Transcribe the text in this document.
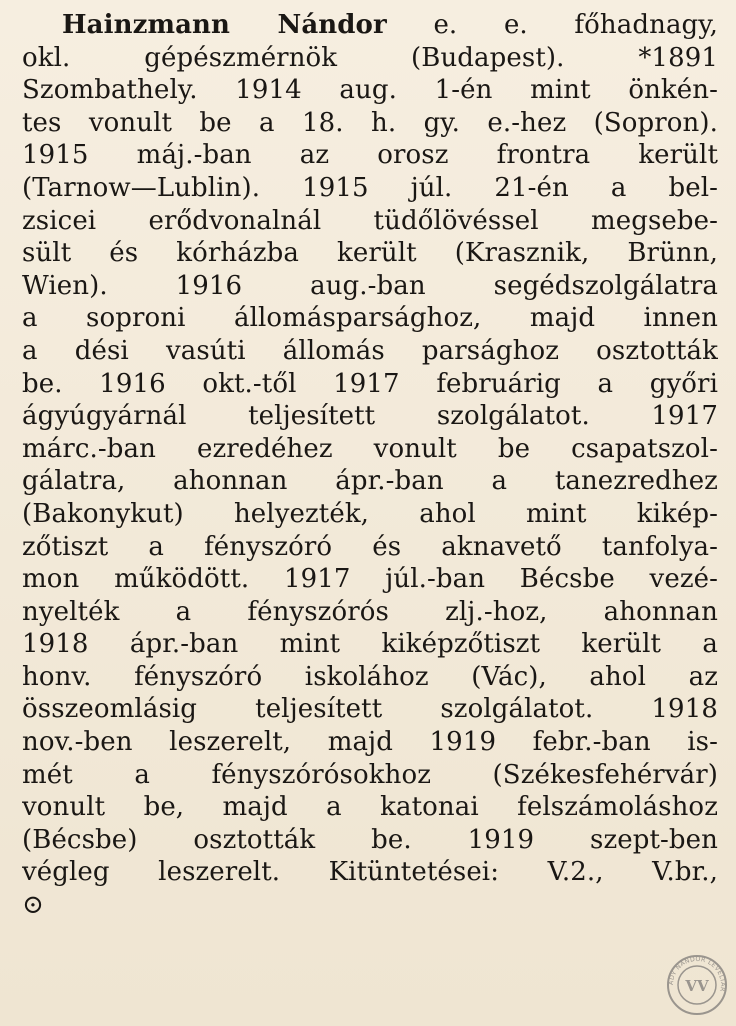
Hainzmann Nándor e. e. főhadnagy,
okl. gépészmérnök (Budapest). *1891
Szombathely. 1914 aug. 1-én mint önkén-
tes vonult be a 18. h. gy. e.-hez (Sopron).
1915 máj.-ban az orosz frontra került
(Tarnow—Lublin). 1915 júl. 21-én a bel-
zsicei erődvonalnál tüdőlövéssel megsebe-
sült és kórházba került (Krasznik, Brünn,
Wien). 1916 aug.-ban segédszolgálatra
a soproni állomásparsághoz, majd innen
a dési vasúti állomás parsághoz osztották
be. 1916 okt.-től 1917 februárig a győri
ágyúgyárnál teljesített szolgálatot. 1917
márc.-ban ezredéhez vonult be csapatszol-
gálatra, ahonnan ápr.-ban a tanezredhez
(Bakonykut) helyezték, ahol mint kikép-
zőtiszt a fényszóró és aknavető tanfolya-
mon működött. 1917 júl.-ban Bécsbe vezé-
nyelték a fényszórós zlj.-hoz, ahonnan
1918 ápr.-ban mint kiképzőtiszt került a
honv. fényszóró iskolához (Vác), ahol az
összeomlásig teljesített szolgálatot. 1918
nov.-ben leszerelt, majd 1919 febr.-ban is-
mét a fényszórósokhoz (Székesfehérvár)
vonult be, majd a katonai felszámoláshoz
(Bécsbe) osztották be. 1919 szept-ben
végleg leszerelt. Kitüntetései: V.2., V.br.,
⊙
ADY NÁNDOR LEVÉLTÁR
VV
